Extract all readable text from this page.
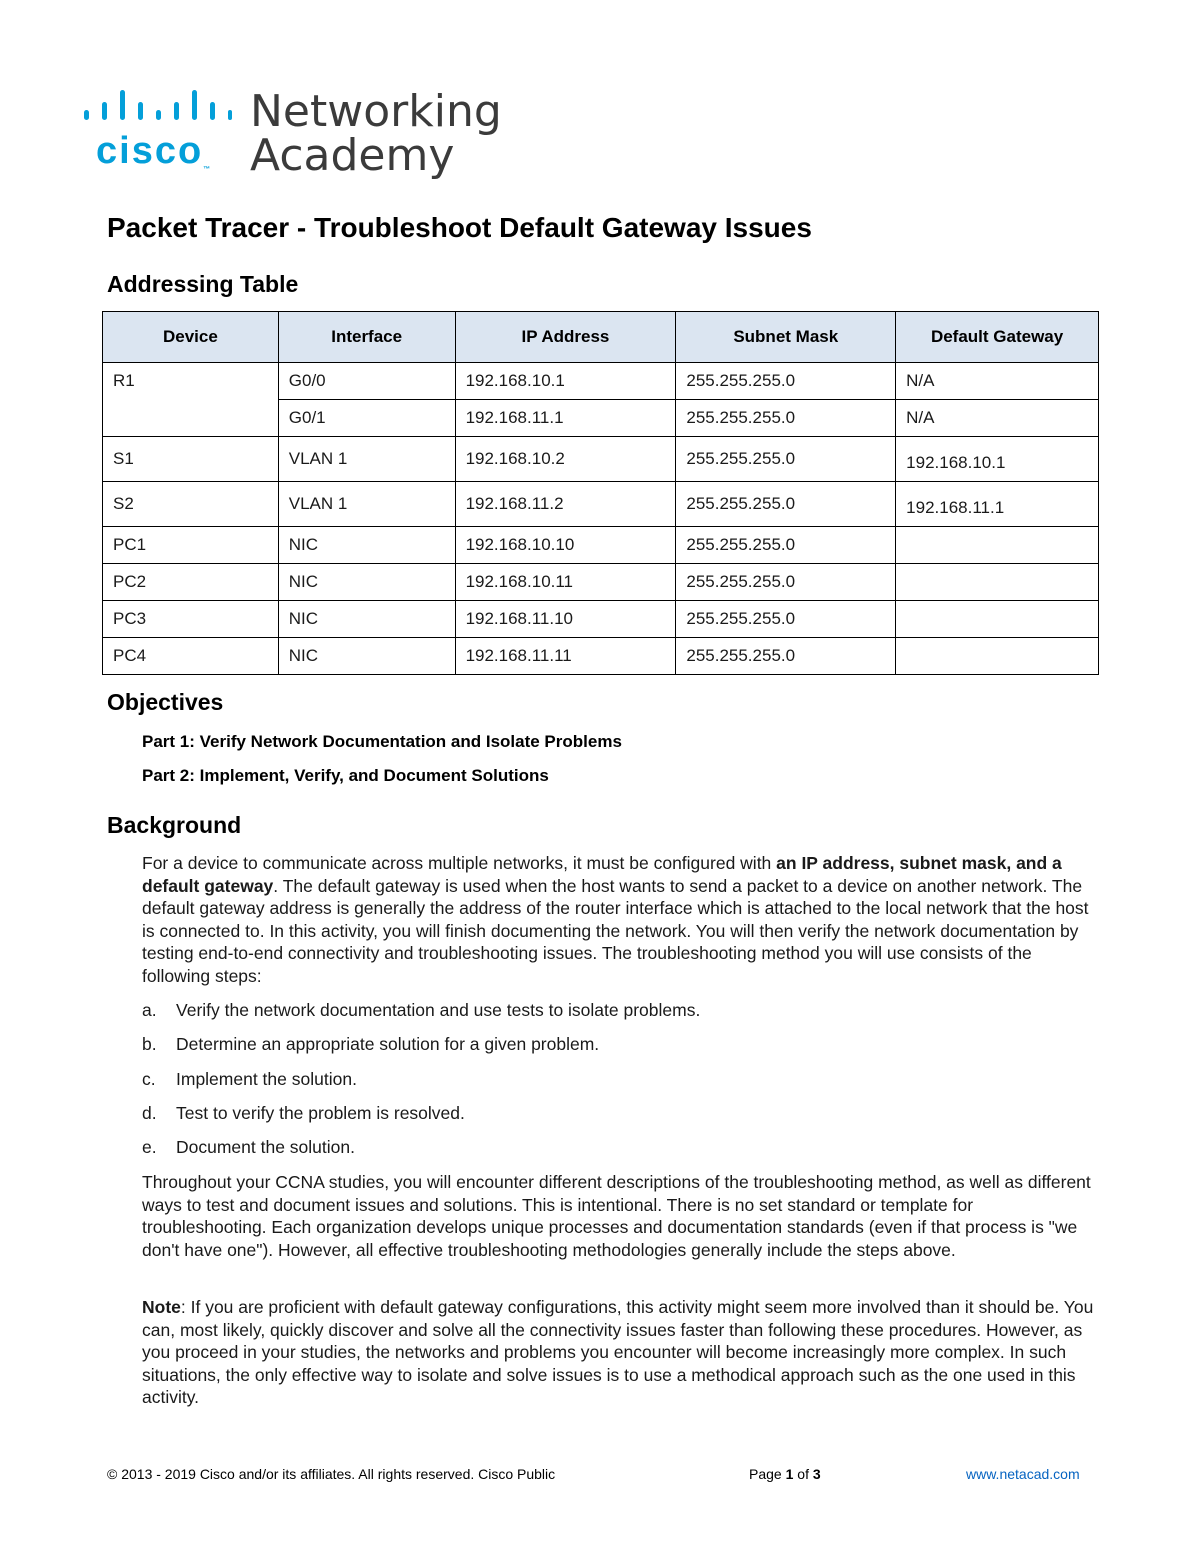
cisco™
Networking
Academy
Packet Tracer - Troubleshoot Default Gateway Issues
Addressing Table
Device	Interface	IP Address	Subnet Mask	Default Gateway
R1	G0/0	192.168.10.1	255.255.255.0	N/A
	G0/1	192.168.11.1	255.255.255.0	N/A
S1	VLAN 1	192.168.10.2	255.255.255.0	192.168.10.1
S2	VLAN 1	192.168.11.2	255.255.255.0	192.168.11.1
PC1	NIC	192.168.10.10	255.255.255.0	
PC2	NIC	192.168.10.11	255.255.255.0	
PC3	NIC	192.168.11.10	255.255.255.0	
PC4	NIC	192.168.11.11	255.255.255.0	
Objectives

Part 1: Verify Network Documentation and Isolate Problems

Part 2: Implement, Verify, and Document Solutions

Background

For a device to communicate across multiple networks, it must be configured with an IP address, subnet mask, and a default gateway. The default gateway is used when the host wants to send a packet to a device on another network. The default gateway address is generally the address of the router interface which is attached to the local network that the host is connected to. In this activity, you will finish documenting the network. You will then verify the network documentation by testing end-to-end connectivity and troubleshooting issues. The troubleshooting method you will use consists of the following steps:

a. Verify the network documentation and use tests to isolate problems.

b. Determine an appropriate solution for a given problem.

c. Implement the solution.

d. Test to verify the problem is resolved.

e. Document the solution.

Throughout your CCNA studies, you will encounter different descriptions of the troubleshooting method, as well as different ways to test and document issues and solutions. This is intentional. There is no set standard or template for troubleshooting. Each organization develops unique processes and documentation standards (even if that process is "we don't have one"). However, all effective troubleshooting methodologies generally include the steps above.

Note: If you are proficient with default gateway configurations, this activity might seem more involved than it should be. You can, most likely, quickly discover and solve all the connectivity issues faster than following these procedures. However, as you proceed in your studies, the networks and problems you encounter will become increasingly more complex. In such situations, the only effective way to isolate and solve issues is to use a methodical approach such as the one used in this activity.

© 2013 - 2019 Cisco and/or its affiliates. All rights reserved. Cisco Public	Page 1 of 3	www.netacad.com
